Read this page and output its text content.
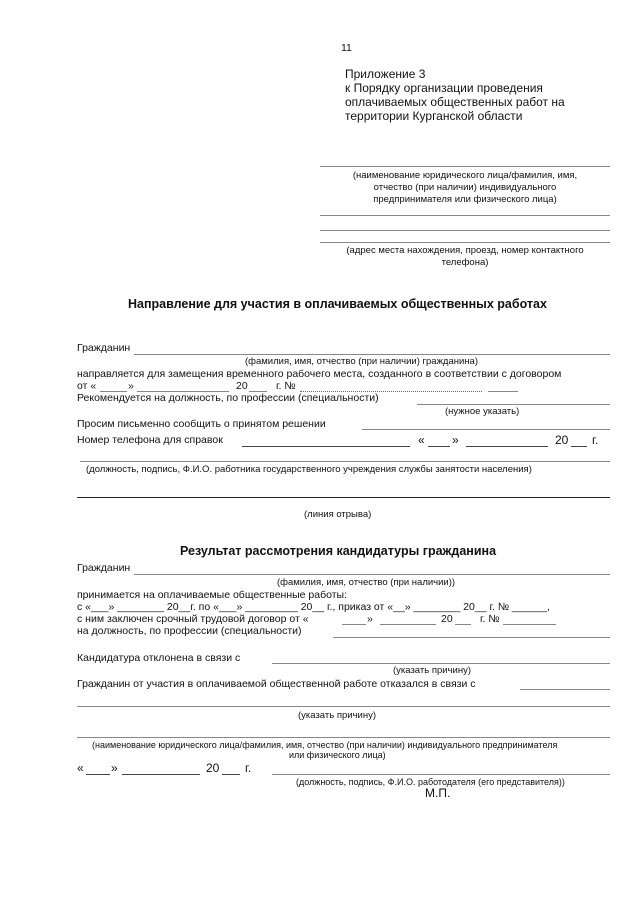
11
Приложение 3
к Порядку организации проведения
оплачиваемых общественных работ на
территории Курганской области
(наименование юридического лица/фамилия, имя,
отчество (при наличии) индивидуального
предпринимателя или физического лица)
(адрес места нахождения, проезд, номер контактного
телефона)
Направление для участия в оплачиваемых общественных работах
Гражданин
(фамилия, имя, отчество (при наличии) гражданина)
направляется для замещения временного рабочего места, созданного в соответствии с договором
от «	»	20	г. №
Рекомендуется на должность, по профессии (специальности)
(нужное указать)
Просим письменно сообщить о принятом решении
Номер телефона для справок	« »	20 г.
(должность, подпись, Ф.И.О. работника государственного учреждения службы занятости населения)
(линия отрыва)
Результат рассмотрения кандидатуры гражданина
Гражданин
(фамилия, имя, отчество (при наличии))
принимается на оплачиваемые общественные работы:
с «___» ________ 20__г. по «___» _________ 20__ г., приказ от «__» ________ 20__ г. № ______,
с ним заключен срочный трудовой договор от «	»	20	г. №
на должность, по профессии (специальности)
Кандидатура отклонена в связи с
(указать причину)
Гражданин от участия в оплачиваемой общественной работе отказался в связи с
(указать причину)
(наименование юридического лица/фамилия, имя, отчество (при наличии) индивидуального предпринимателя
или физического лица)
« »	20 г.
(должность, подпись, Ф.И.О. работодателя (его представителя))
М.П.
